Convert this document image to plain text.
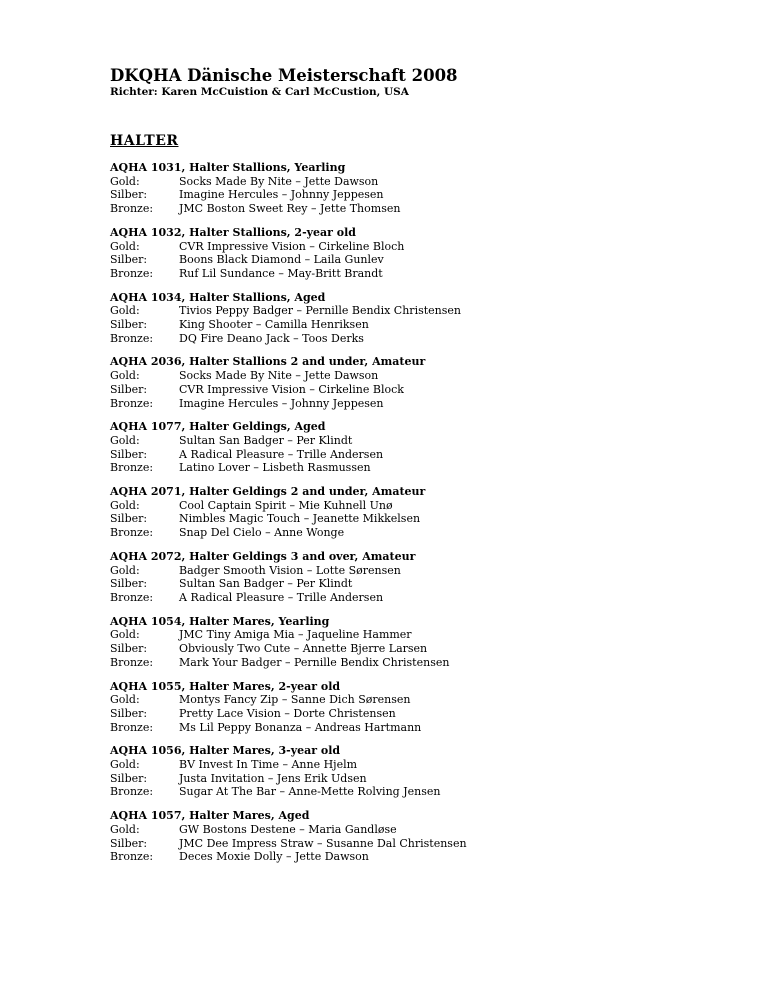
DKQHA Dänische Meisterschaft 2008
Richter: Karen McCuistion & Carl McCustion, USA
HALTER
AQHA 1031, Halter Stallions, Yearling
Gold:	Socks Made By Nite – Jette Dawson
Silber:	Imagine Hercules – Johnny Jeppesen
Bronze:	JMC Boston Sweet Rey – Jette Thomsen
AQHA 1032, Halter Stallions, 2-year old
Gold:	CVR Impressive Vision – Cirkeline Bloch
Silber:	Boons Black Diamond – Laila Gunlev
Bronze:	Ruf Lil Sundance – May-Britt Brandt
AQHA 1034, Halter Stallions, Aged
Gold:	Tivios Peppy Badger – Pernille Bendix Christensen
Silber:	King Shooter – Camilla Henriksen
Bronze:	DQ Fire Deano Jack – Toos Derks
AQHA 2036, Halter Stallions 2 and under, Amateur
Gold:	Socks Made By Nite – Jette Dawson
Silber:	CVR Impressive Vision – Cirkeline Block
Bronze:	Imagine Hercules – Johnny Jeppesen
AQHA 1077, Halter Geldings, Aged
Gold:	Sultan San Badger – Per Klindt
Silber:	A Radical Pleasure – Trille Andersen
Bronze:	Latino Lover – Lisbeth Rasmussen
AQHA 2071, Halter Geldings 2 and under, Amateur
Gold:	Cool Captain Spirit – Mie Kuhnell Unø
Silber:	Nimbles Magic Touch – Jeanette Mikkelsen
Bronze:	Snap Del Cielo – Anne Wonge
AQHA 2072, Halter Geldings 3 and over, Amateur
Gold:	Badger Smooth Vision – Lotte Sørensen
Silber:	Sultan San Badger – Per Klindt
Bronze:	A Radical Pleasure – Trille Andersen
AQHA 1054, Halter Mares, Yearling
Gold:	JMC Tiny Amiga Mia – Jaqueline Hammer
Silber:	Obviously Two Cute – Annette Bjerre Larsen
Bronze:	Mark Your Badger – Pernille Bendix Christensen
AQHA 1055, Halter Mares, 2-year old
Gold:	Montys Fancy Zip – Sanne Dich Sørensen
Silber:	Pretty Lace Vision – Dorte Christensen
Bronze:	Ms Lil Peppy Bonanza – Andreas Hartmann
AQHA 1056, Halter Mares, 3-year old
Gold:	BV Invest In Time – Anne Hjelm
Silber:	Justa Invitation – Jens Erik Udsen
Bronze:	Sugar At The Bar – Anne-Mette Rolving Jensen
AQHA 1057, Halter Mares, Aged
Gold:	GW Bostons Destene – Maria Gandløse
Silber:	JMC Dee Impress Straw – Susanne Dal Christensen
Bronze:	Deces Moxie Dolly – Jette Dawson
